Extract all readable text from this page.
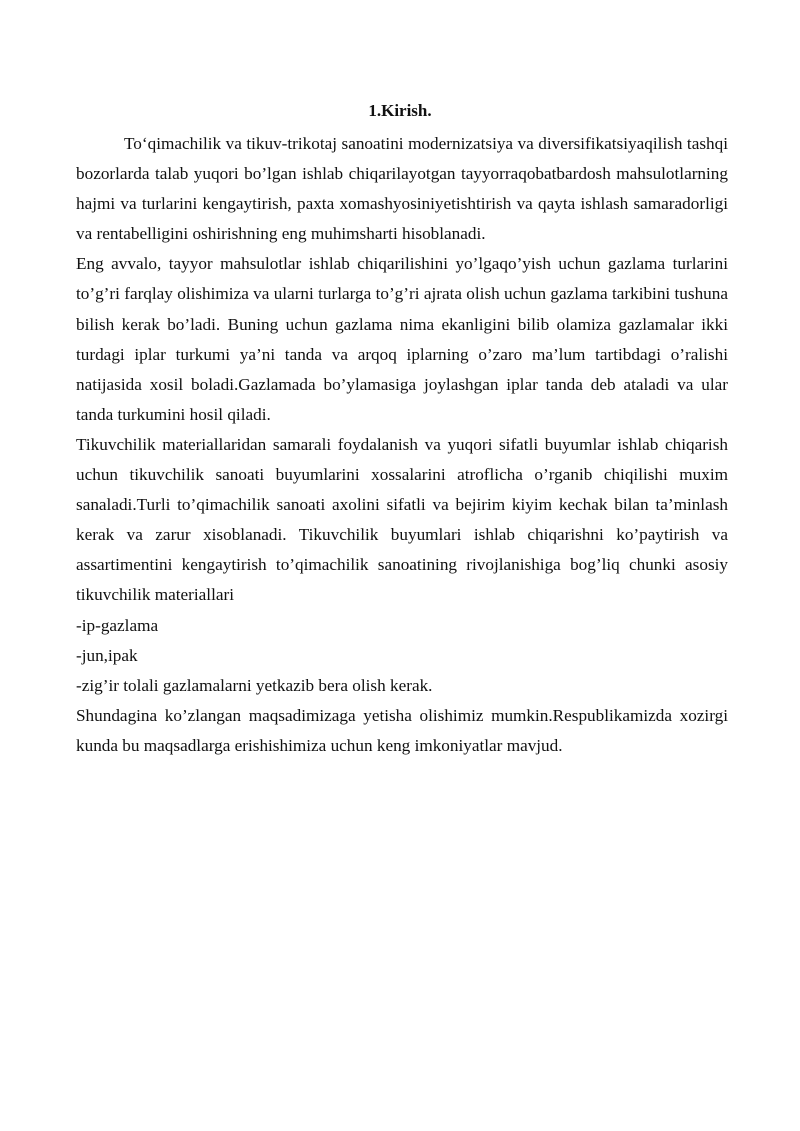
1.Kirish.

To‘qimachilik va tikuv-trikotaj sanoatini modernizatsiya va diversifikatsiyaqilish tashqi bozorlarda talab yuqori bo’lgan ishlab chiqarilayotgan tayyorraqobatbardosh mahsulotlarning hajmi va turlarini kengaytirish, paxta xomashyosiniyetishtirish va qayta ishlash samaradorligi va rentabelligini oshirishning eng muhimsharti hisoblanadi.

Eng avvalo, tayyor mahsulotlar ishlab chiqarilishini yo’lgaqo’yish uchun gazlama turlarini to’g’ri farqlay olishimiza va ularni turlarga to’g’ri ajrata olish uchun gazlama tarkibini tushuna bilish kerak bo’ladi. Buning uchun gazlama nima ekanligini bilib olamiza gazlamalar ikki turdagi iplar turkumi ya’ni tanda va arqoq iplarning o’zaro ma’lum tartibdagi o’ralishi natijasida xosil boladi.Gazlamada bo’ylamasiga joylashgan iplar tanda deb ataladi va ular tanda turkumini hosil qiladi.

Tikuvchilik materiallaridan samarali foydalanish va yuqori sifatli buyumlar ishlab chiqarish uchun tikuvchilik sanoati buyumlarini xossalarini atroflicha o’rganib chiqilishi muxim sanaladi.Turli to’qimachilik sanoati axolini sifatli va bejirim kiyim kechak bilan ta’minlash kerak va zarur xisoblanadi. Tikuvchilik buyumlari ishlab chiqarishni ko’paytirish va assartimentini kengaytirish to’qimachilik sanoatining rivojlanishiga bog’liq chunki asosiy tikuvchilik materiallari

-ip-gazlama

-jun,ipak

-zig’ir tolali gazlamalarni yetkazib bera olish kerak.

Shundagina ko’zlangan maqsadimizaga yetisha olishimiz mumkin.Respublikamizda xozirgi kunda bu maqsadlarga erishishimiza uchun keng imkoniyatlar mavjud.
